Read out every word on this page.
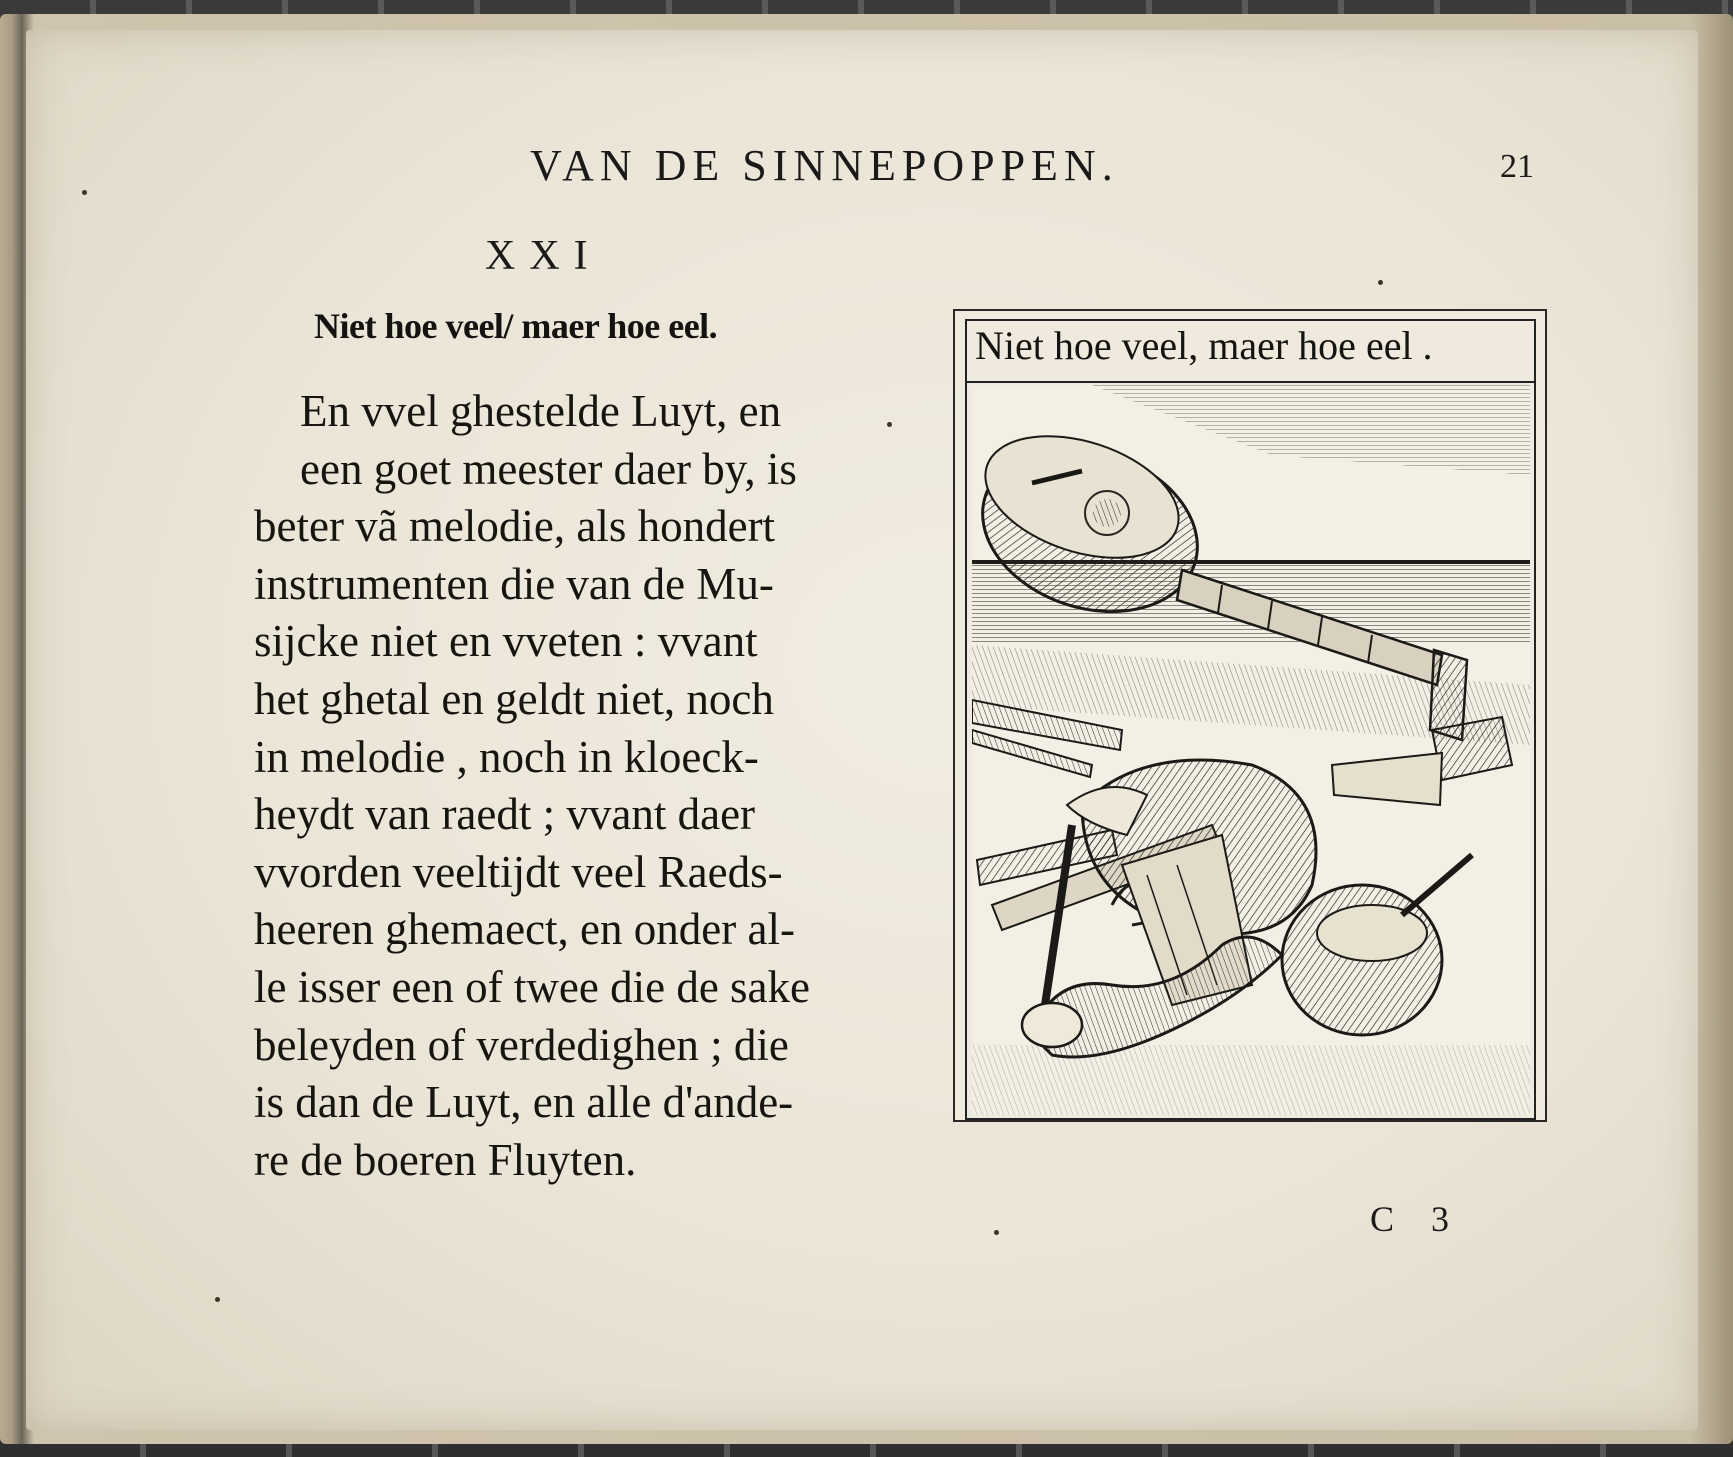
VAN DE SINNEPOPPEN.	21
XXI
Niet hoe veel/ maer hoe eel.
En vvel ghestelde Luyt, en
een goet meester daer by, is
beter vã melodie, als hondert
instrumenten die van de Mu-
sijcke niet en vveten : vvant
het ghetal en geldt niet, noch
in melodie , noch in kloeck-
heydt van raedt ; vvant daer
vvorden veeltijdt veel Raeds-
heeren ghemaect, en onder al-
le isser een of twee die de sake
beleyden of verdedighen ; die
is dan de Luyt, en alle d'ande-
re de boeren Fluyten.
Niet hoe veel, maer hoe eel .
C 3
